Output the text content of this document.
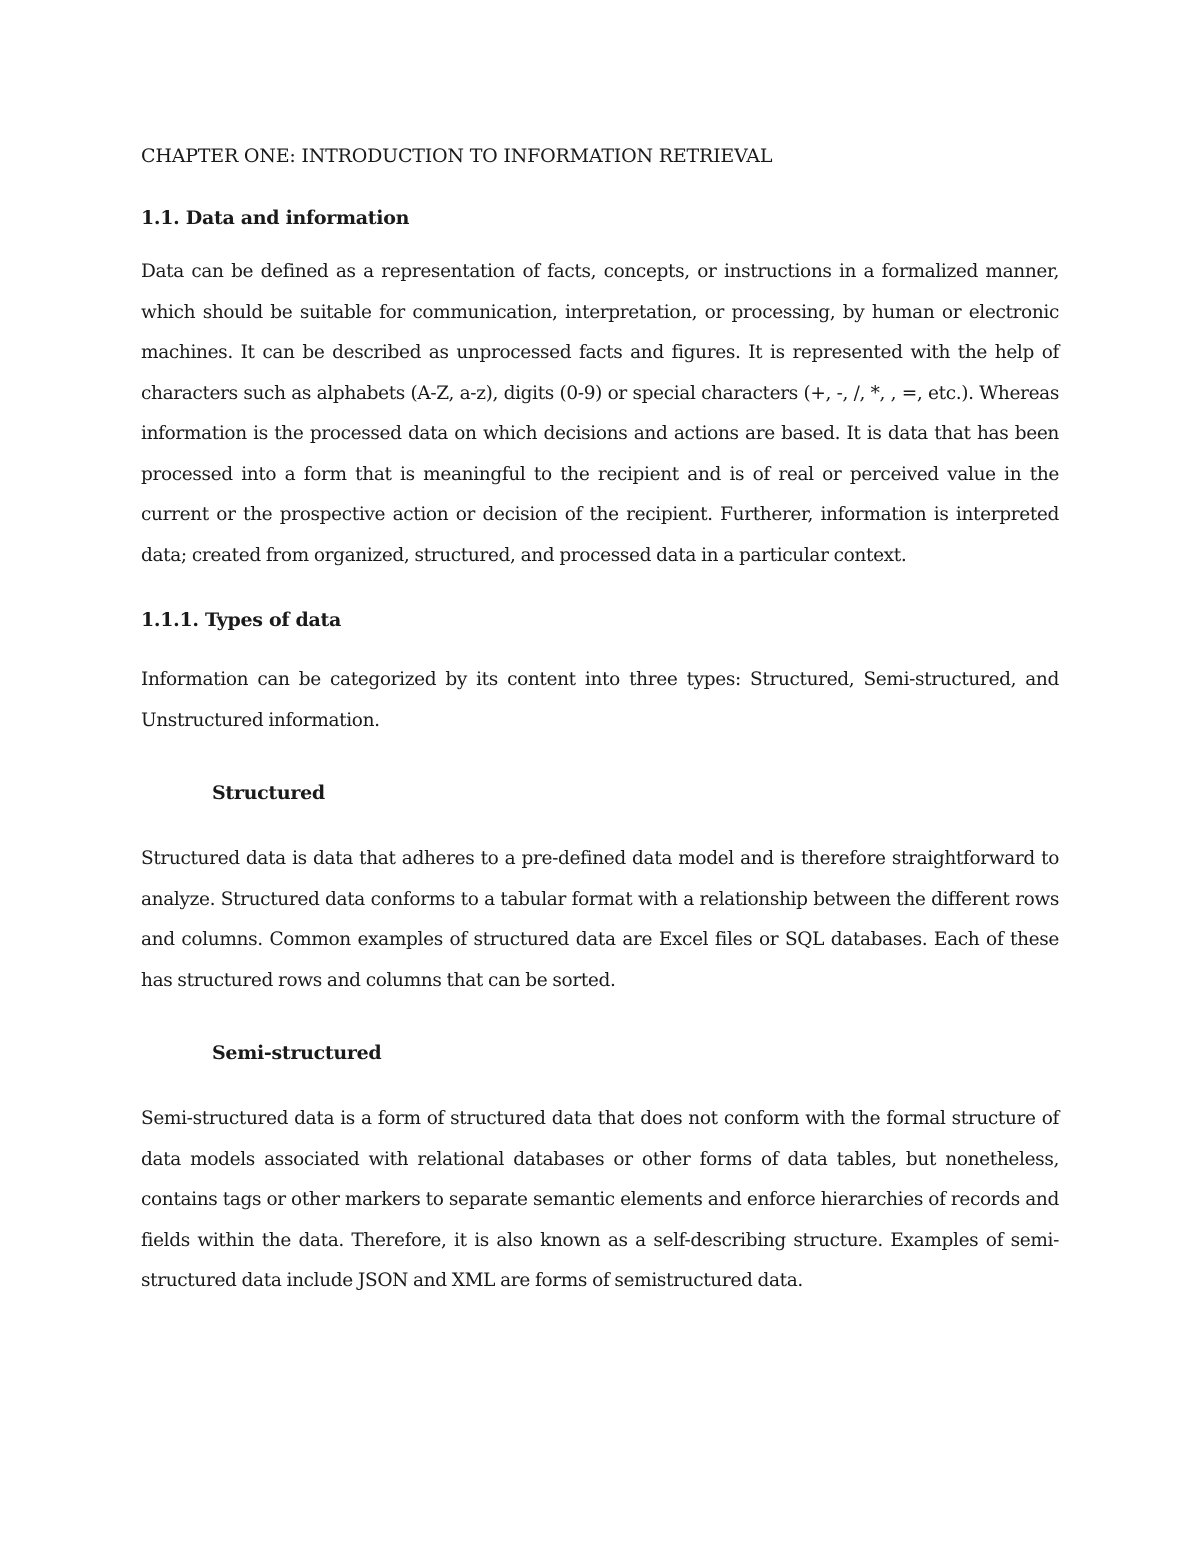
CHAPTER ONE: INTRODUCTION TO INFORMATION RETRIEVAL
1.1. Data and information

Data can be defined as a representation of facts, concepts, or instructions in a formalized manner, which should be suitable for communication, interpretation, or processing, by human or electronic machines. It can be described as unprocessed facts and figures. It is represented with the help of characters such as alphabets (A-Z, a-z), digits (0-9) or special characters (+, -, /, *, , =, etc.). Whereas information is the processed data on which decisions and actions are based. It is data that has been processed into a form that is meaningful to the recipient and is of real or perceived value in the current or the prospective action or decision of the recipient. Furtherer, information is interpreted data; created from organized, structured, and processed data in a particular context.

1.1.1. Types of data

Information can be categorized by its content into three types: Structured, Semi-structured, and Unstructured information.

Structured

Structured data is data that adheres to a pre-defined data model and is therefore straightforward to analyze. Structured data conforms to a tabular format with a relationship between the different rows and columns. Common examples of structured data are Excel files or SQL databases. Each of these has structured rows and columns that can be sorted.

Semi-structured

Semi-structured data is a form of structured data that does not conform with the formal structure of data models associated with relational databases or other forms of data tables, but nonetheless, contains tags or other markers to separate semantic elements and enforce hierarchies of records and fields within the data. Therefore, it is also known as a self-describing structure. Examples of semi-structured data include JSON and XML are forms of semistructured data.
